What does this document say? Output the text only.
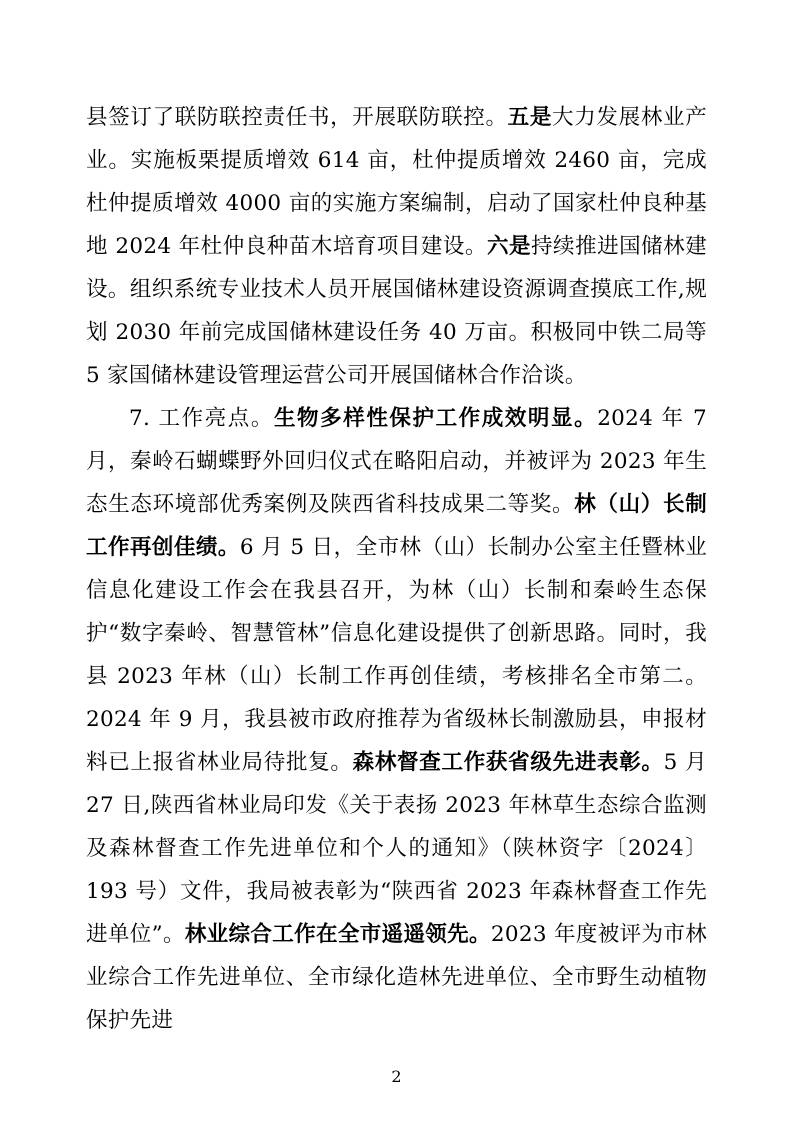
县签订了联防联控责任书，开展联防联控。五是大力发展林业产业。实施板栗提质增效 614 亩，杜仲提质增效 2460 亩，完成杜仲提质增效 4000 亩的实施方案编制，启动了国家杜仲良种基地 2024 年杜仲良种苗木培育项目建设。六是持续推进国储林建设。组织系统专业技术人员开展国储林建设资源调查摸底工作,规划 2030 年前完成国储林建设任务 40 万亩。积极同中铁二局等 5 家国储林建设管理运营公司开展国储林合作洽谈。

7. 工作亮点。生物多样性保护工作成效明显。2024 年 7 月，秦岭石蝴蝶野外回归仪式在略阳启动，并被评为 2023 年生态生态环境部优秀案例及陕西省科技成果二等奖。林（山）长制工作再创佳绩。6 月 5 日，全市林（山）长制办公室主任暨林业信息化建设工作会在我县召开，为林（山）长制和秦岭生态保护“数字秦岭、智慧管林”信息化建设提供了创新思路。同时，我县 2023 年林（山）长制工作再创佳绩，考核排名全市第二。2024 年 9 月，我县被市政府推荐为省级林长制激励县，申报材料已上报省林业局待批复。森林督查工作获省级先进表彰。5 月 27 日,陕西省林业局印发《关于表扬 2023 年林草生态综合监测及森林督查工作先进单位和个人的通知》（陕林资字〔2024〕193 号）文件，我局被表彰为“陕西省 2023 年森林督查工作先进单位”。林业综合工作在全市遥遥领先。2023 年度被评为市林业综合工作先进单位、全市绿化造林先进单位、全市野生动植物保护先进

2
